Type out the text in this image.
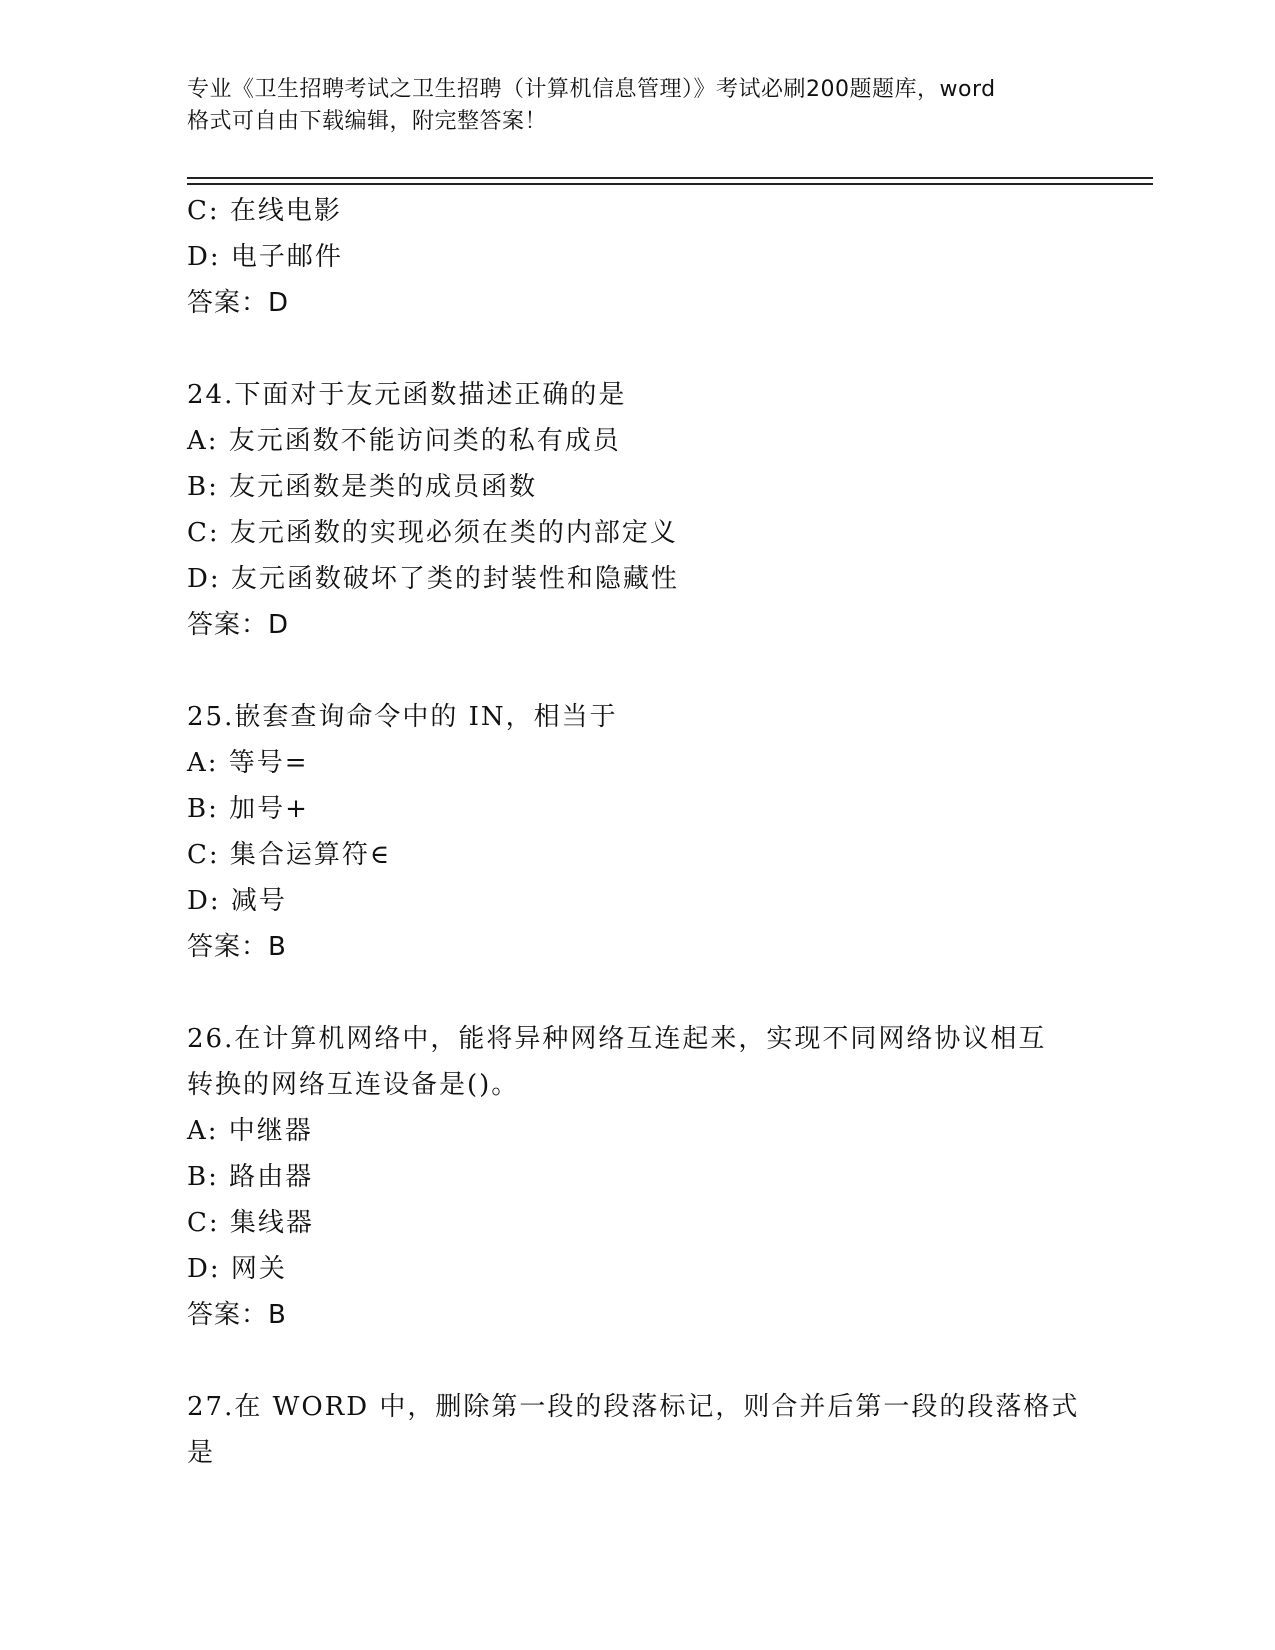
专业《卫生招聘考试之卫生招聘（计算机信息管理）》考试必刷200题题库，word
格式可自由下载编辑，附完整答案！
C: 在线电影
D: 电子邮件
答案：D
24.下面对于友元函数描述正确的是
A: 友元函数不能访问类的私有成员
B: 友元函数是类的成员函数
C: 友元函数的实现必须在类的内部定义
D: 友元函数破坏了类的封装性和隐藏性
答案：D
25.嵌套查询命令中的 IN，相当于
A: 等号=
B: 加号+
C: 集合运算符∈
D: 减号
答案：B
26.在计算机网络中，能将异种网络互连起来，实现不同网络协议相互
转换的网络互连设备是()。
A: 中继器
B: 路由器
C: 集线器
D: 网关
答案：B
27.在 WORD 中，删除第一段的段落标记，则合并后第一段的段落格式
是
